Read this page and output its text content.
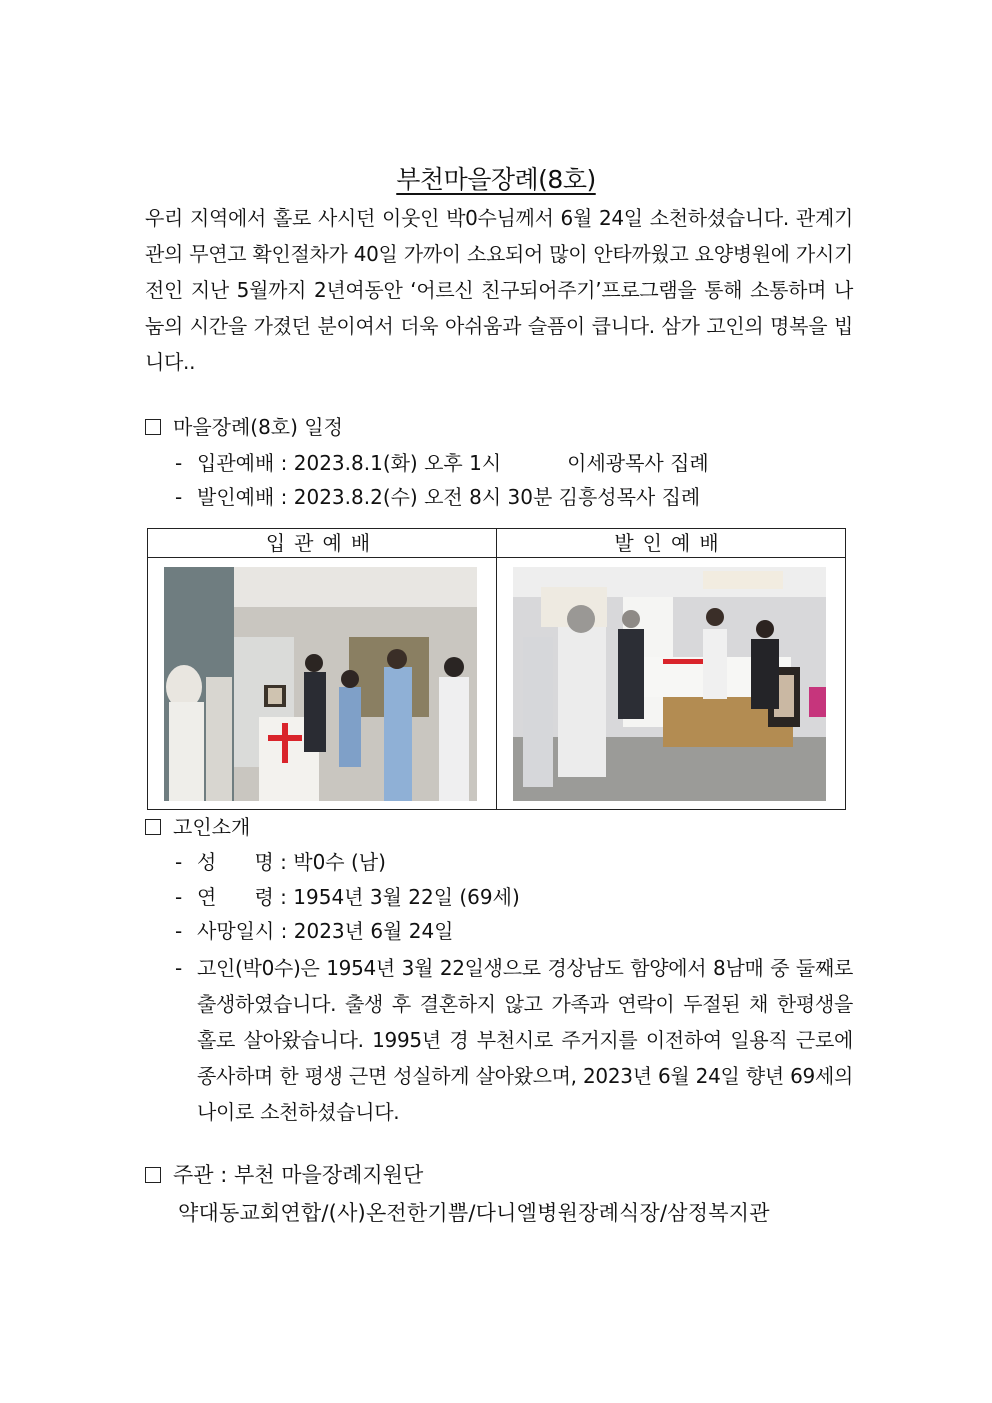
부천마을장례(8호)
우리 지역에서 홀로 사시던 이웃인 박0수님께서 6월 24일 소천하셨습니다. 관계기관의 무연고 확인절차가 40일 가까이 소요되어 많이 안타까웠고 요양병원에 가시기 전인 지난 5월까지 2년여동안 ‘어르신 친구되어주기’프로그램을 통해 소통하며 나눔의 시간을 가졌던 분이여서 더욱 아쉬움과 슬픔이 큽니다. 삼가 고인의 명복을 빕니다..
마을장례(8호) 일정
- 입관예배 : 2023.8.1(화) 오후 1시	이세광목사 집례
- 발인예배 : 2023.8.2(수) 오전 8시 30분 김흥성목사 집례
입관예배	발인예배
고인소개
- 성      명 : 박0수 (남)
- 연      령 : 1954년 3월 22일 (69세)
- 사망일시 : 2023년 6월 24일
- 고인(박0수)은 1954년 3월 22일생으로 경상남도 함양에서 8남매 중 둘째로 출생하였습니다. 출생 후 결혼하지 않고 가족과 연락이 두절된 채 한평생을 홀로 살아왔습니다. 1995년 경 부천시로 주거지를 이전하여 일용직 근로에 종사하며 한 평생 근면 성실하게 살아왔으며, 2023년 6월 24일 향년 69세의 나이로 소천하셨습니다.
주관 : 부천 마을장례지원단
약대동교회연합/(사)온전한기쁨/다니엘병원장례식장/삼정복지관
